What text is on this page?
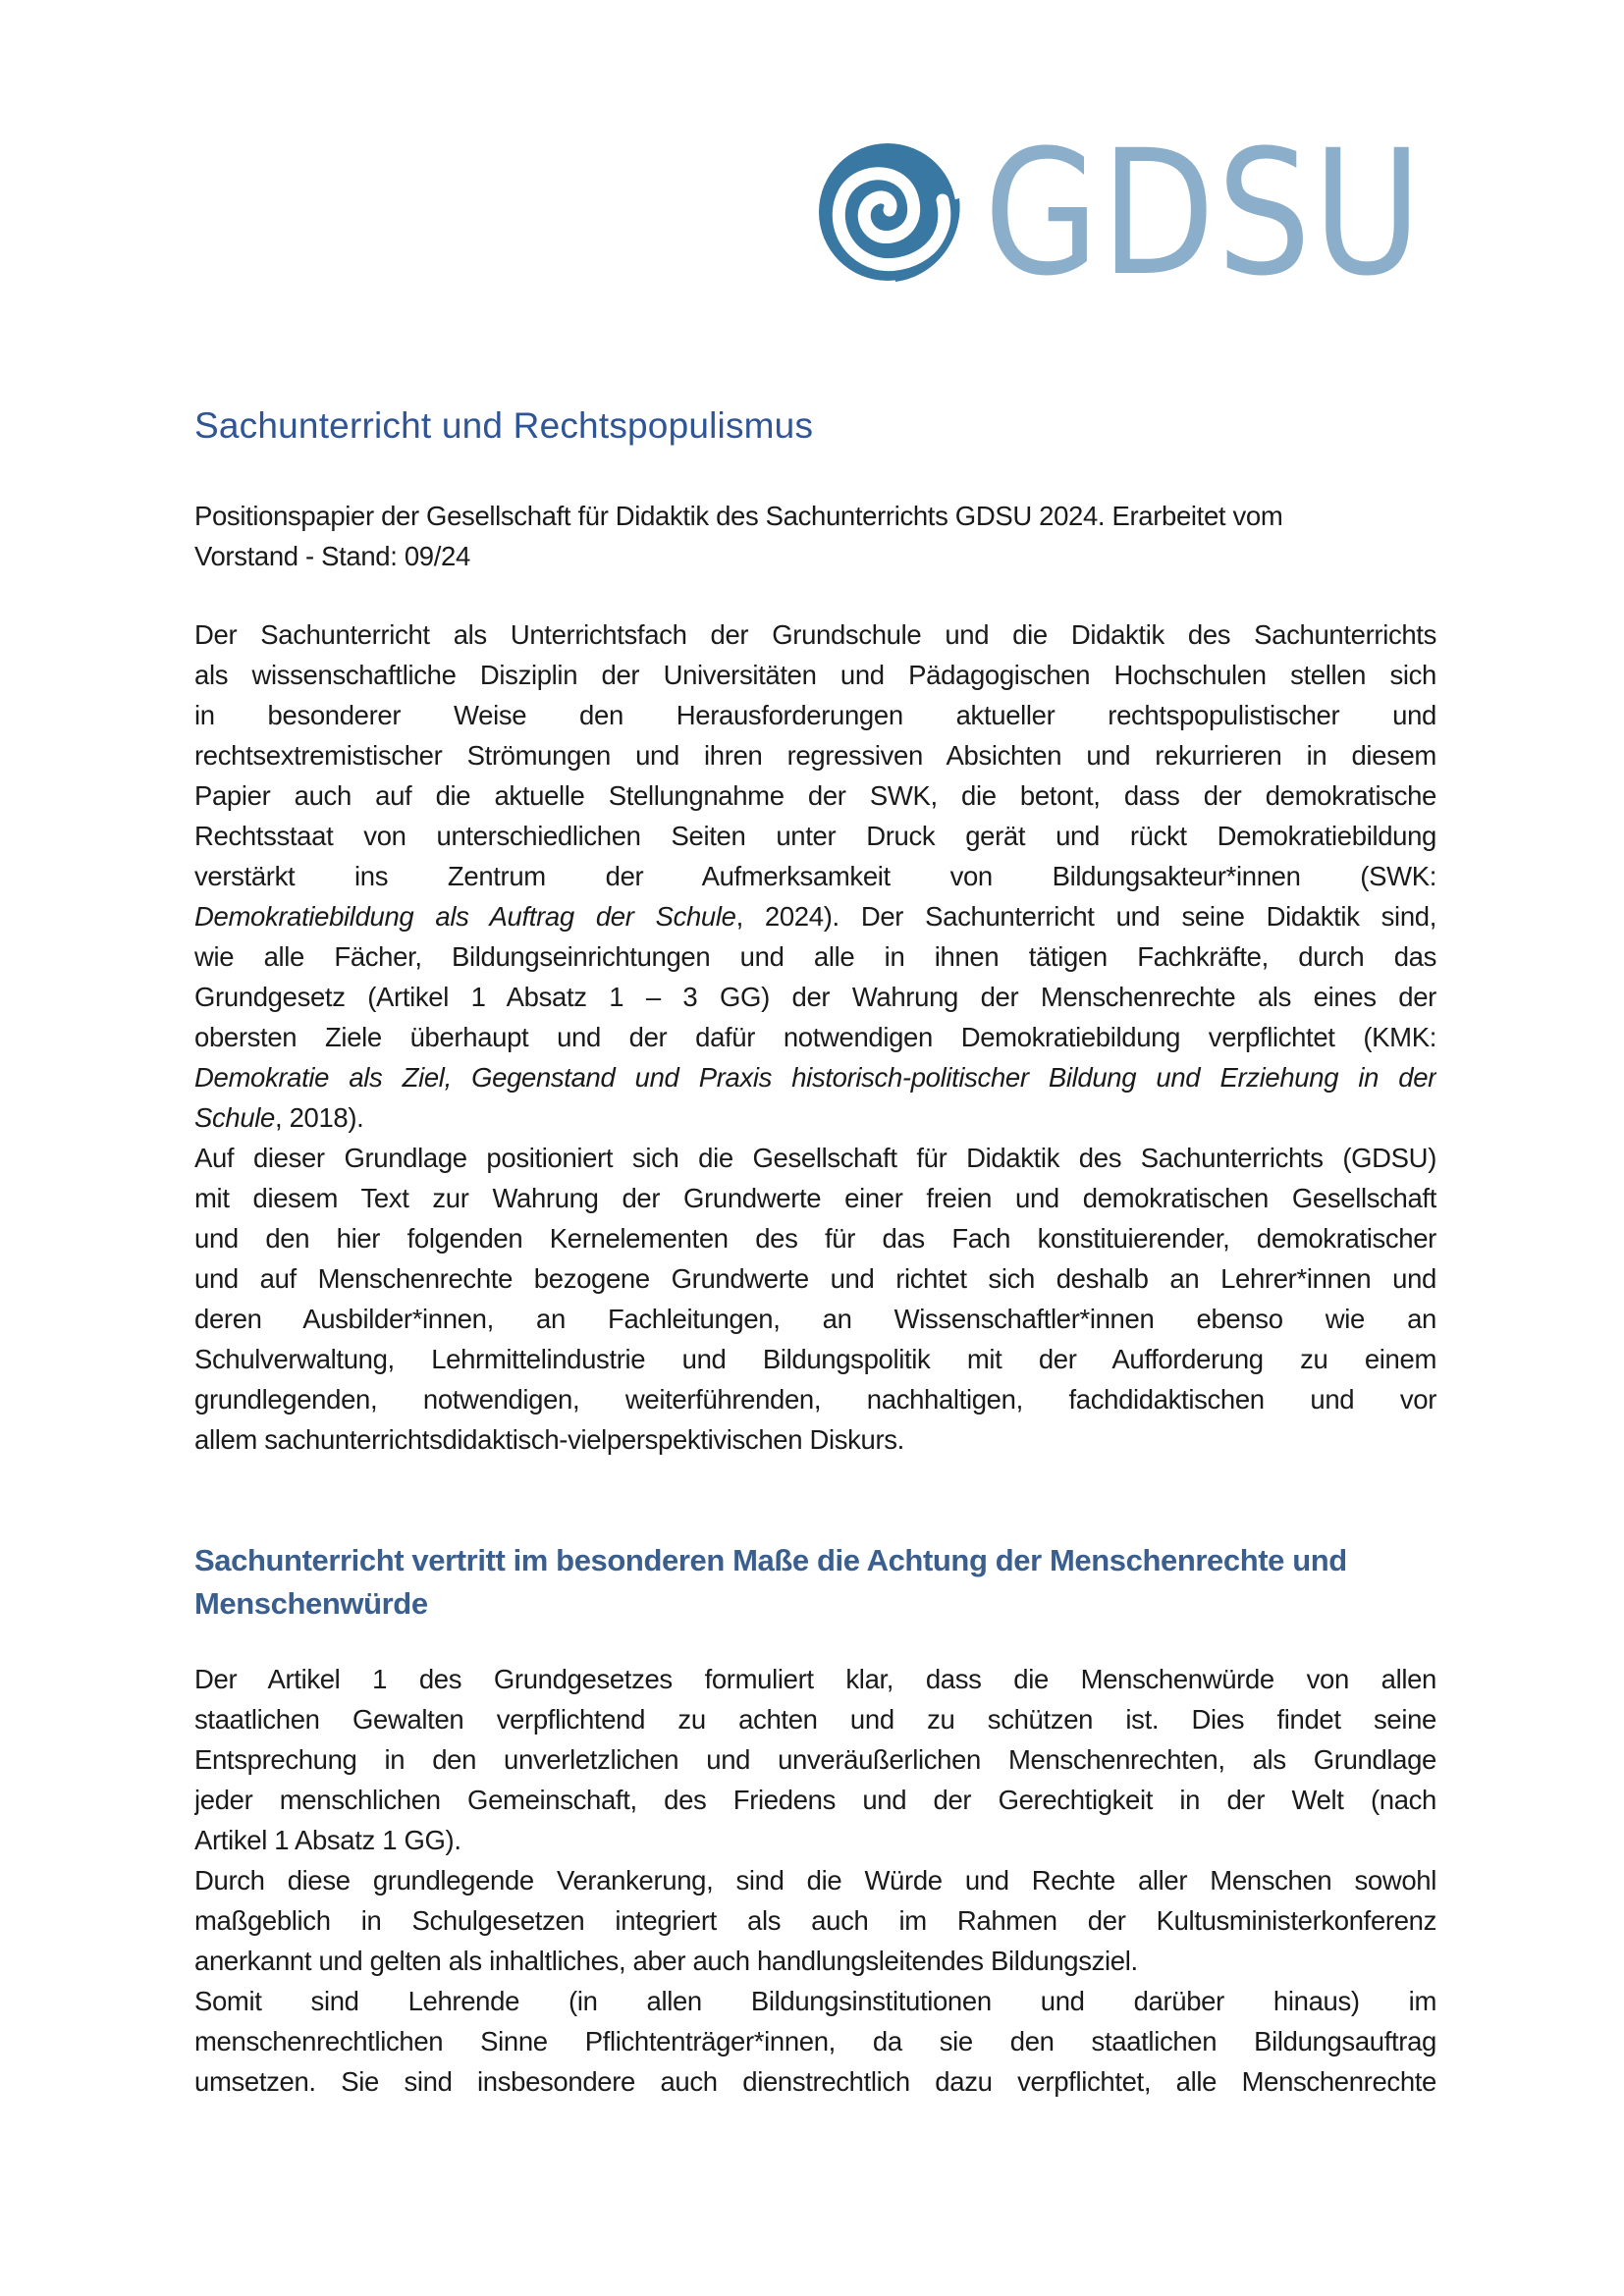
GDSU
Sachunterricht und Rechtspopulismus
Positionspapier der Gesellschaft für Didaktik des Sachunterrichts GDSU 2024. Erarbeitet vom
Vorstand - Stand: 09/24
Der Sachunterricht als Unterrichtsfach der Grundschule und die Didaktik des Sachunterrichts
als wissenschaftliche Disziplin der Universitäten und Pädagogischen Hochschulen stellen sich
in besonderer Weise den Herausforderungen aktueller rechtspopulistischer und
rechtsextremistischer Strömungen und ihren regressiven Absichten und rekurrieren in diesem
Papier auch auf die aktuelle Stellungnahme der SWK, die betont, dass der demokratische
Rechtsstaat von unterschiedlichen Seiten unter Druck gerät und rückt Demokratiebildung
verstärkt ins Zentrum der Aufmerksamkeit von Bildungsakteur*innen (SWK:
Demokratiebildung als Auftrag der Schule, 2024). Der Sachunterricht und seine Didaktik sind,
wie alle Fächer, Bildungseinrichtungen und alle in ihnen tätigen Fachkräfte, durch das
Grundgesetz (Artikel 1 Absatz 1 – 3 GG) der Wahrung der Menschenrechte als eines der
obersten Ziele überhaupt und der dafür notwendigen Demokratiebildung verpflichtet (KMK:
Demokratie als Ziel, Gegenstand und Praxis historisch-politischer Bildung und Erziehung in der
Schule, 2018).
Auf dieser Grundlage positioniert sich die Gesellschaft für Didaktik des Sachunterrichts (GDSU)
mit diesem Text zur Wahrung der Grundwerte einer freien und demokratischen Gesellschaft
und den hier folgenden Kernelementen des für das Fach konstituierender, demokratischer
und auf Menschenrechte bezogene Grundwerte und richtet sich deshalb an Lehrer*innen und
deren Ausbilder*innen, an Fachleitungen, an Wissenschaftler*innen ebenso wie an
Schulverwaltung, Lehrmittelindustrie und Bildungspolitik mit der Aufforderung zu einem
grundlegenden, notwendigen, weiterführenden, nachhaltigen, fachdidaktischen und vor
allem sachunterrichtsdidaktisch-vielperspektivischen Diskurs.
Sachunterricht vertritt im besonderen Maße die Achtung der Menschenrechte und
Menschenwürde
Der Artikel 1 des Grundgesetzes formuliert klar, dass die Menschenwürde von allen
staatlichen Gewalten verpflichtend zu achten und zu schützen ist. Dies findet seine
Entsprechung in den unverletzlichen und unveräußerlichen Menschenrechten, als Grundlage
jeder menschlichen Gemeinschaft, des Friedens und der Gerechtigkeit in der Welt (nach
Artikel 1 Absatz 1 GG).
Durch diese grundlegende Verankerung, sind die Würde und Rechte aller Menschen sowohl
maßgeblich in Schulgesetzen integriert als auch im Rahmen der Kultusministerkonferenz
anerkannt und gelten als inhaltliches, aber auch handlungsleitendes Bildungsziel.
Somit sind Lehrende (in allen Bildungsinstitutionen und darüber hinaus) im
menschenrechtlichen Sinne Pflichtenträger*innen, da sie den staatlichen Bildungsauftrag
umsetzen. Sie sind insbesondere auch dienstrechtlich dazu verpflichtet, alle Menschenrechte
